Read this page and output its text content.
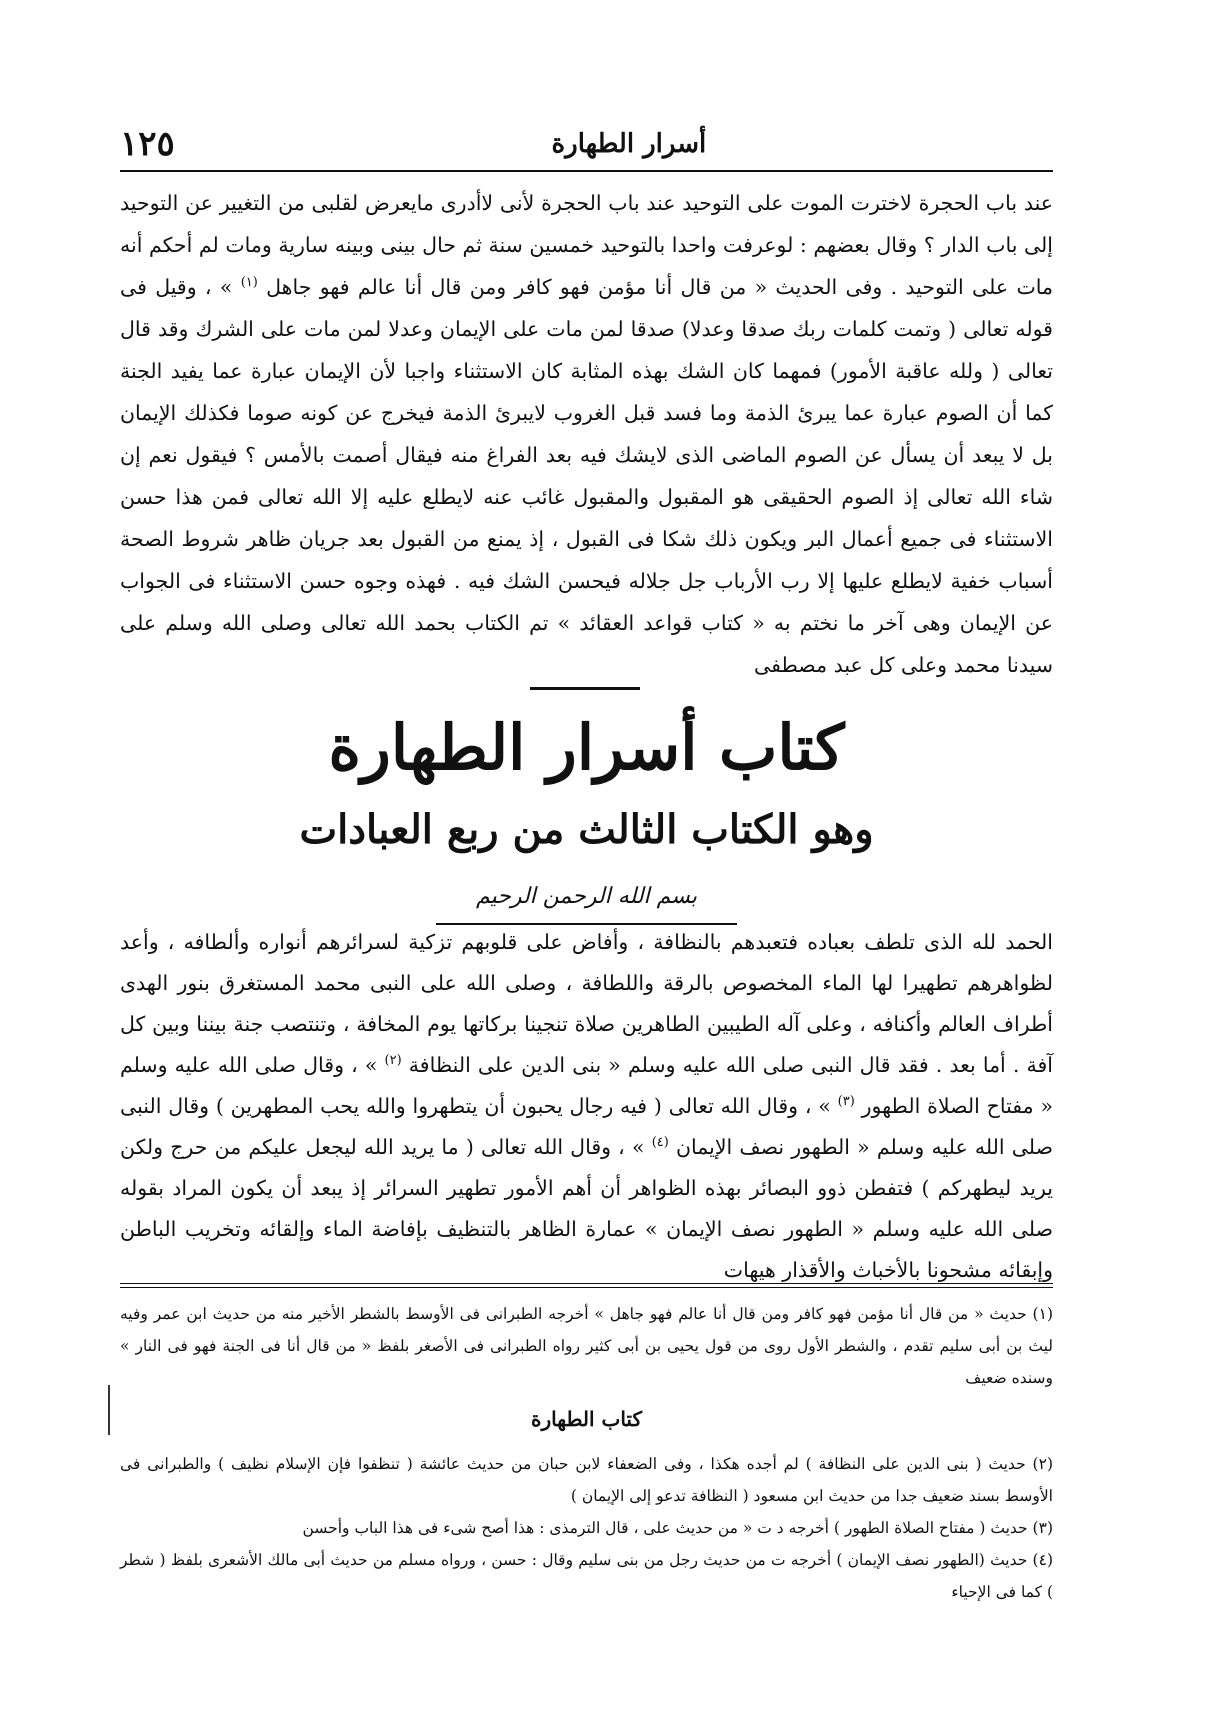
أسرار الطهارة
١٢٥

عند باب الحجرة لاخترت الموت على التوحيد عند باب الحجرة لأنى لاأدرى مايعرض لقلبى من التغيير عن التوحيد إلى باب الدار ؟ وقال بعضهم : لوعرفت واحدا بالتوحيد خمسين سنة ثم حال بينى وبينه سارية ومات لم أحكم أنه مات على التوحيد . وفى الحديث « من قال أنا مؤمن فهو كافر ومن قال أنا عالم فهو جاهل $^{(١)}$ » ، وقيل فى قوله تعالى ( وتمت كلمات ربك صدقا وعدلا) صدقا لمن مات على الإيمان وعدلا لمن مات على الشرك وقد قال تعالى ( ولله عاقبة الأمور) فمهما كان الشك بهذه المثابة كان الاستثناء واجبا لأن الإيمان عبارة عما يفيد الجنة كما أن الصوم عبارة عما يبرئ الذمة وما فسد قبل الغروب لايبرئ الذمة فيخرج عن كونه صوما فكذلك الإيمان بل لا يبعد أن يسأل عن الصوم الماضى الذى لايشك فيه بعد الفراغ منه فيقال أصمت بالأمس ؟ فيقول نعم إن شاء الله تعالى إذ الصوم الحقيقى هو المقبول والمقبول غائب عنه لايطلع عليه إلا الله تعالى فمن هذا حسن الاستثناء فى جميع أعمال البر ويكون ذلك شكا فى القبول ، إذ يمنع من القبول بعد جريان ظاهر شروط الصحة أسباب خفية لايطلع عليها إلا رب الأرباب جل جلاله فيحسن الشك فيه . فهذه وجوه حسن الاستثناء فى الجواب عن الإيمان وهى آخر ما نختم به « كتاب قواعد العقائد » تم الكتاب بحمد الله تعالى وصلى الله وسلم على سيدنا محمد وعلى كل عبد مصطفى

كتاب أسرار الطهارة
وهو الكتاب الثالث من ربع العبادات
بسم الله الرحمن الرحيم

الحمد لله الذى تلطف بعباده فتعبدهم بالنظافة ، وأفاض على قلوبهم تزكية لسرائرهم أنواره وألطافه ، وأعد لظواهرهم تطهيرا لها الماء المخصوص بالرقة واللطافة ، وصلى الله على النبى محمد المستغرق بنور الهدى أطراف العالم وأكنافه ، وعلى آله الطيبين الطاهرين صلاة تنجينا بركاتها يوم المخافة ، وتنتصب جنة بيننا وبين كل آفة . أما بعد . فقد قال النبى صلى الله عليه وسلم « بنى الدين على النظافة $^{(٢)}$ » ، وقال صلى الله عليه وسلم « مفتاح الصلاة الطهور $^{(٣)}$ » ، وقال الله تعالى ( فيه رجال يحبون أن يتطهروا والله يحب المطهرين ) وقال النبى صلى الله عليه وسلم « الطهور نصف الإيمان $^{(٤)}$ » ، وقال الله تعالى ( ما يريد الله ليجعل عليكم من حرج ولكن يريد ليطهركم ) فتفطن ذوو البصائر بهذه الظواهر أن أهم الأمور تطهير السرائر إذ يبعد أن يكون المراد بقوله صلى الله عليه وسلم « الطهور نصف الإيمان » عمارة الظاهر بالتنظيف بإفاضة الماء وإلقائه وتخريب الباطن وإبقائه مشحونا بالأخباث والأقذار هيهات

(١) حديث « من قال أنا مؤمن فهو كافر ومن قال أنا عالم فهو جاهل » أخرجه الطبرانى فى الأوسط بالشطر الأخير منه من حديث ابن عمر وفيه ليث بن أبى سليم تقدم ، والشطر الأول روى من قول يحيى بن أبى كثير رواه الطبرانى فى الأصغر بلفظ « من قال أنا فى الجنة فهو فى النار » وسنده ضعيف

كتاب الطهارة

(٢) حديث ( بنى الدين على النظافة ) لم أجده هكذا ، وفى الضعفاء لابن حبان من حديث عائشة ( تنظفوا فإن الإسلام نظيف ) والطبرانى فى الأوسط بسند ضعيف جدا من حديث ابن مسعود ( النظافة تدعو إلى الإيمان )

(٣) حديث ( مفتاح الصلاة الطهور ) أخرجه د ت « من حديث على ، قال الترمذى : هذا أصح شىء فى هذا الباب وأحسن

(٤) حديث (الطهور نصف الإيمان ) أخرجه ت من حديث رجل من بنى سليم وقال : حسن ، ورواه مسلم من حديث أبى مالك الأشعرى بلفظ ( شطر ) كما فى الإحياء
